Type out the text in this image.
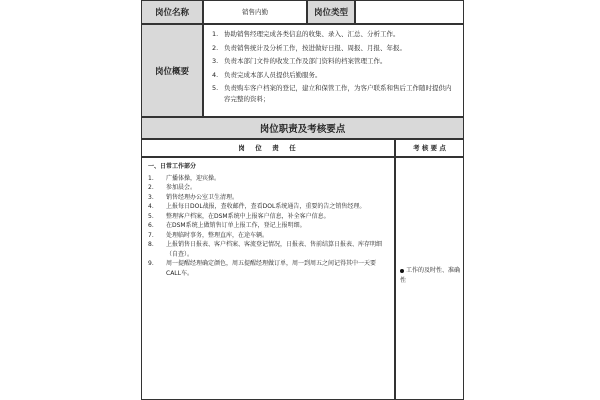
岗位名称	销售内勤	岗位类型
岗位概要
1. 协助销售经理完成各类信息的收集、录入、汇总、分析工作。
2. 负责销售统计及分析工作，按进做好日报、周报、月报、年报。
3. 负责本部门文件的收发工作及部门资料的档案管理工作。
4. 负责完成本部人员提供后勤服务。
5. 负责购车客户档案的登记，建立和保管工作，为客户联系和售后工作随时提供内容完整的资料；
岗位职责及考核要点
岗　位　责　任	考 核 要 点
一、日常工作部分
1.	广播体操，迎宾操。
2.	参加晨会。
3.	销售经理办公室卫生清理。
4.	上报每日DOL战报，查收邮件，查看DOL系统通告，重要的告之销售经理。
5.	整理客户档案，在DSM系统中上报客户信息，补全客户信息。
6.	在DSM系统上做销售订单上报工作，登记上报明细。
7.	处理临时事务，整理直库，在途车辆。
8.	上报销售日报表、客户档案、客流登记情况，日报表、售前结算日报表、库存明细（自查）。
9.	周一提醒经理确定颜色，周五提醒经理做订单，周一到周五之间记得其中一天要CALL车。	工作的及时性、准确性
